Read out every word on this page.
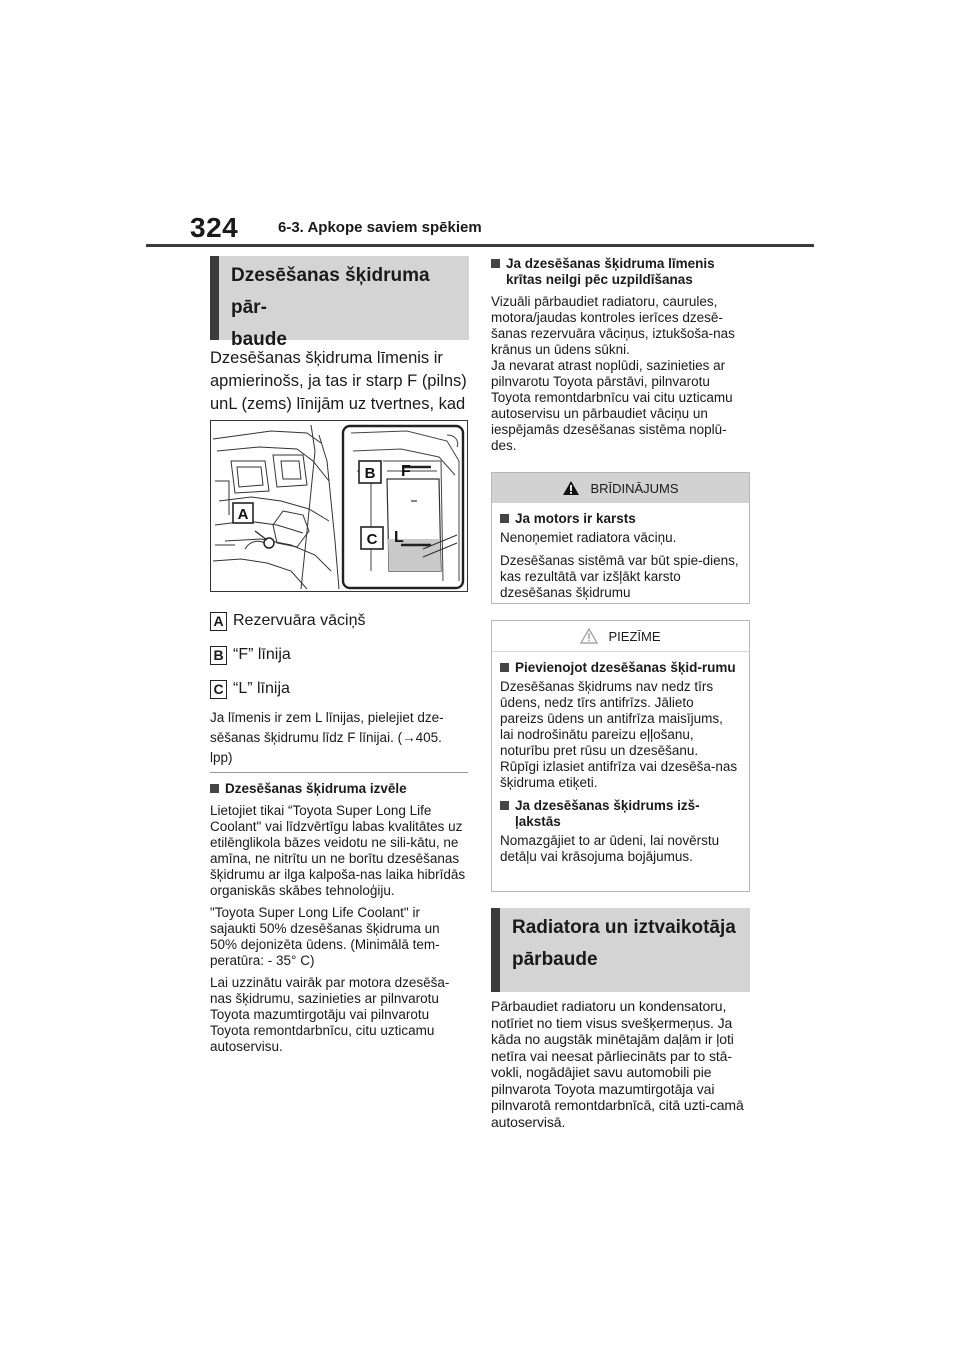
324	6-3. Apkope saviem spēkiem
Dzesēšanas šķidruma pār-
baude
Dzesēšanas šķidruma līmenis ir apmierinošs, ja tas ir starp F (pilns) unL (zems) līnijām uz tvertnes, kad
A
F
L
B
C
A Rezervuāra vāciņš
B “F” līnija
C “L” līnija
Ja līmenis ir zem L līnijas, pielejiet dze-sēšanas šķidrumu līdz F līnijai. (→405. lpp)
Dzesēšanas šķidruma izvēle

Lietojiet tikai “Toyota Super Long Life Coolant" vai līdzvērtīgu labas kvalitātes uz etilēnglikola bāzes veidotu ne sili-kātu, ne amīna, ne nitrītu un ne borītu dzesēšanas šķidrumu ar ilga kalpoša-nas laika hibrīdās organiskās skābes tehnoloģiju.

"Toyota Super Long Life Coolant" ir sajaukti 50% dzesēšanas šķidruma un 50% dejonizēta ūdens. (Minimālā tem-peratūra: - 35° C)

Lai uzzinātu vairāk par motora dzesēša-nas šķidrumu, sazinieties ar pilnvarotu Toyota mazumtirgotāju vai pilnvarotu Toyota remontdarbnīcu, citu uzticamu autoservisu.

Ja dzesēšanas šķidruma līmenis krītas neilgi pēc uzpildīšanas

Vizuāli pārbaudiet radiatoru, caurules, motora/jaudas kontroles ierīces dzesē-šanas rezervuāra vāciņus, iztukšoša-nas krānus un ūdens sūkni.

Ja nevarat atrast noplūdi, sazinieties ar pilnvarotu Toyota pārstāvi, pilnvarotu Toyota remontdarbnīcu vai citu uzticamu autoservisu un pārbaudiet vāciņu un iespējamās dzesēšanas sistēma noplū-des.

BRĪDINĀJUMS
Ja motors ir karsts

Nenoņemiet radiatora vāciņu.

Dzesēšanas sistēmā var būt spie-diens, kas rezultātā var izšļākt karsto dzesēšanas šķidrumu

PIEZĪME
Pievienojot dzesēšanas šķid-rumu

Dzesēšanas šķidrums nav nedz tīrs ūdens, nedz tīrs antifrīzs. Jālieto pareizs ūdens un antifrīza maisījums, lai nodrošinātu pareizu eļļošanu, noturību pret rūsu un dzesēšanu. Rūpīgi izlasiet antifrīza vai dzesēša-nas šķidruma etiķeti.

Ja dzesēšanas šķidrums izš-ļakstās

Nomazgājiet to ar ūdeni, lai novērstu detāļu vai krāsojuma bojājumus.

Radiatora un iztvaikotāja pārbaude
Pārbaudiet radiatoru un kondensatoru, notīriet no tiem visus svešķermeņus. Ja kāda no augstāk minētajām daļām ir ļoti netīra vai neesat pārliecināts par to stā-vokli, nogādājiet savu automobili pie pilnvarota Toyota mazumtirgotāja vai pilnvarotā remontdarbnīcā, citā uzti-camā autoservisā.
